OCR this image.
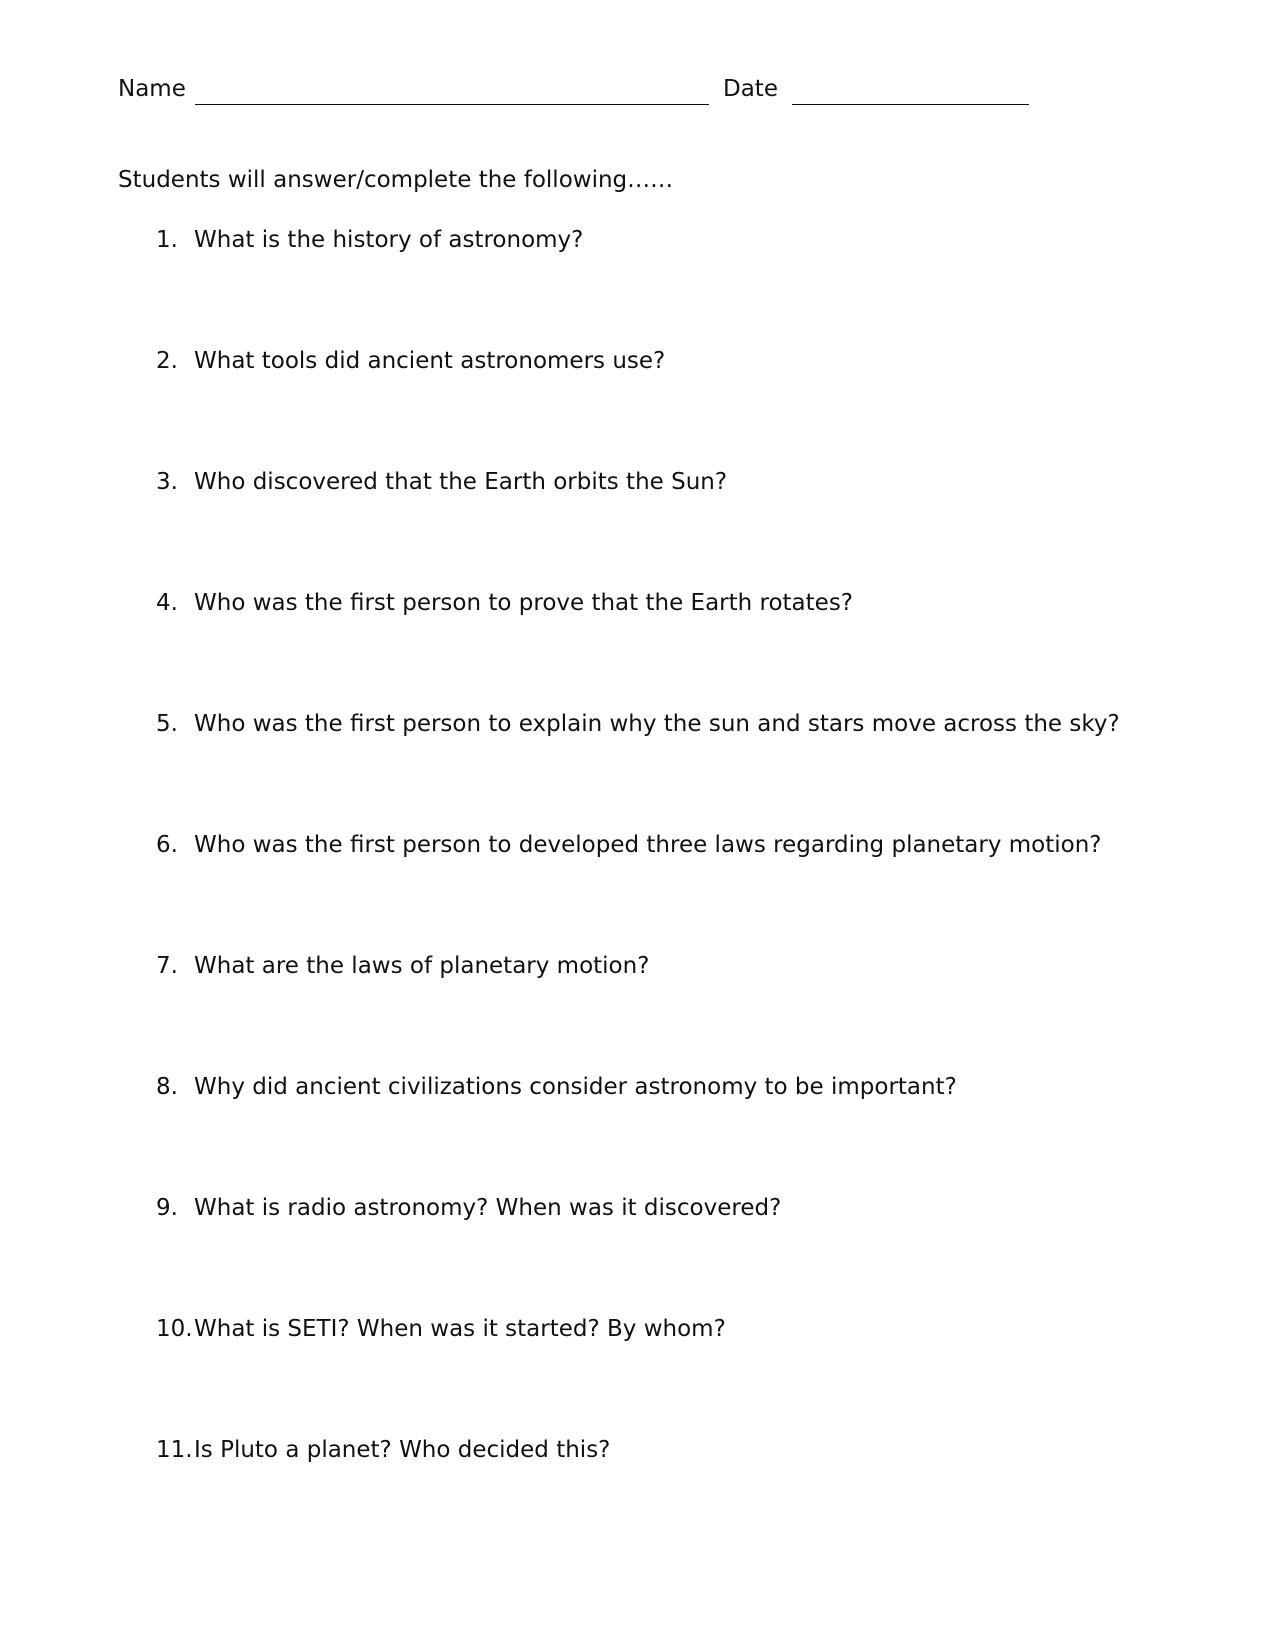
Name	Date
Students will answer/complete the following……
1. What is the history of astronomy?
2. What tools did ancient astronomers use?
3. Who discovered that the Earth orbits the Sun?
4. Who was the first person to prove that the Earth rotates?
5. Who was the first person to explain why the sun and stars move across the sky?
6. Who was the first person to developed three laws regarding planetary motion?
7. What are the laws of planetary motion?
8. Why did ancient civilizations consider astronomy to be important?
9. What is radio astronomy? When was it discovered?
10. What is SETI? When was it started? By whom?
11. Is Pluto a planet? Who decided this?
